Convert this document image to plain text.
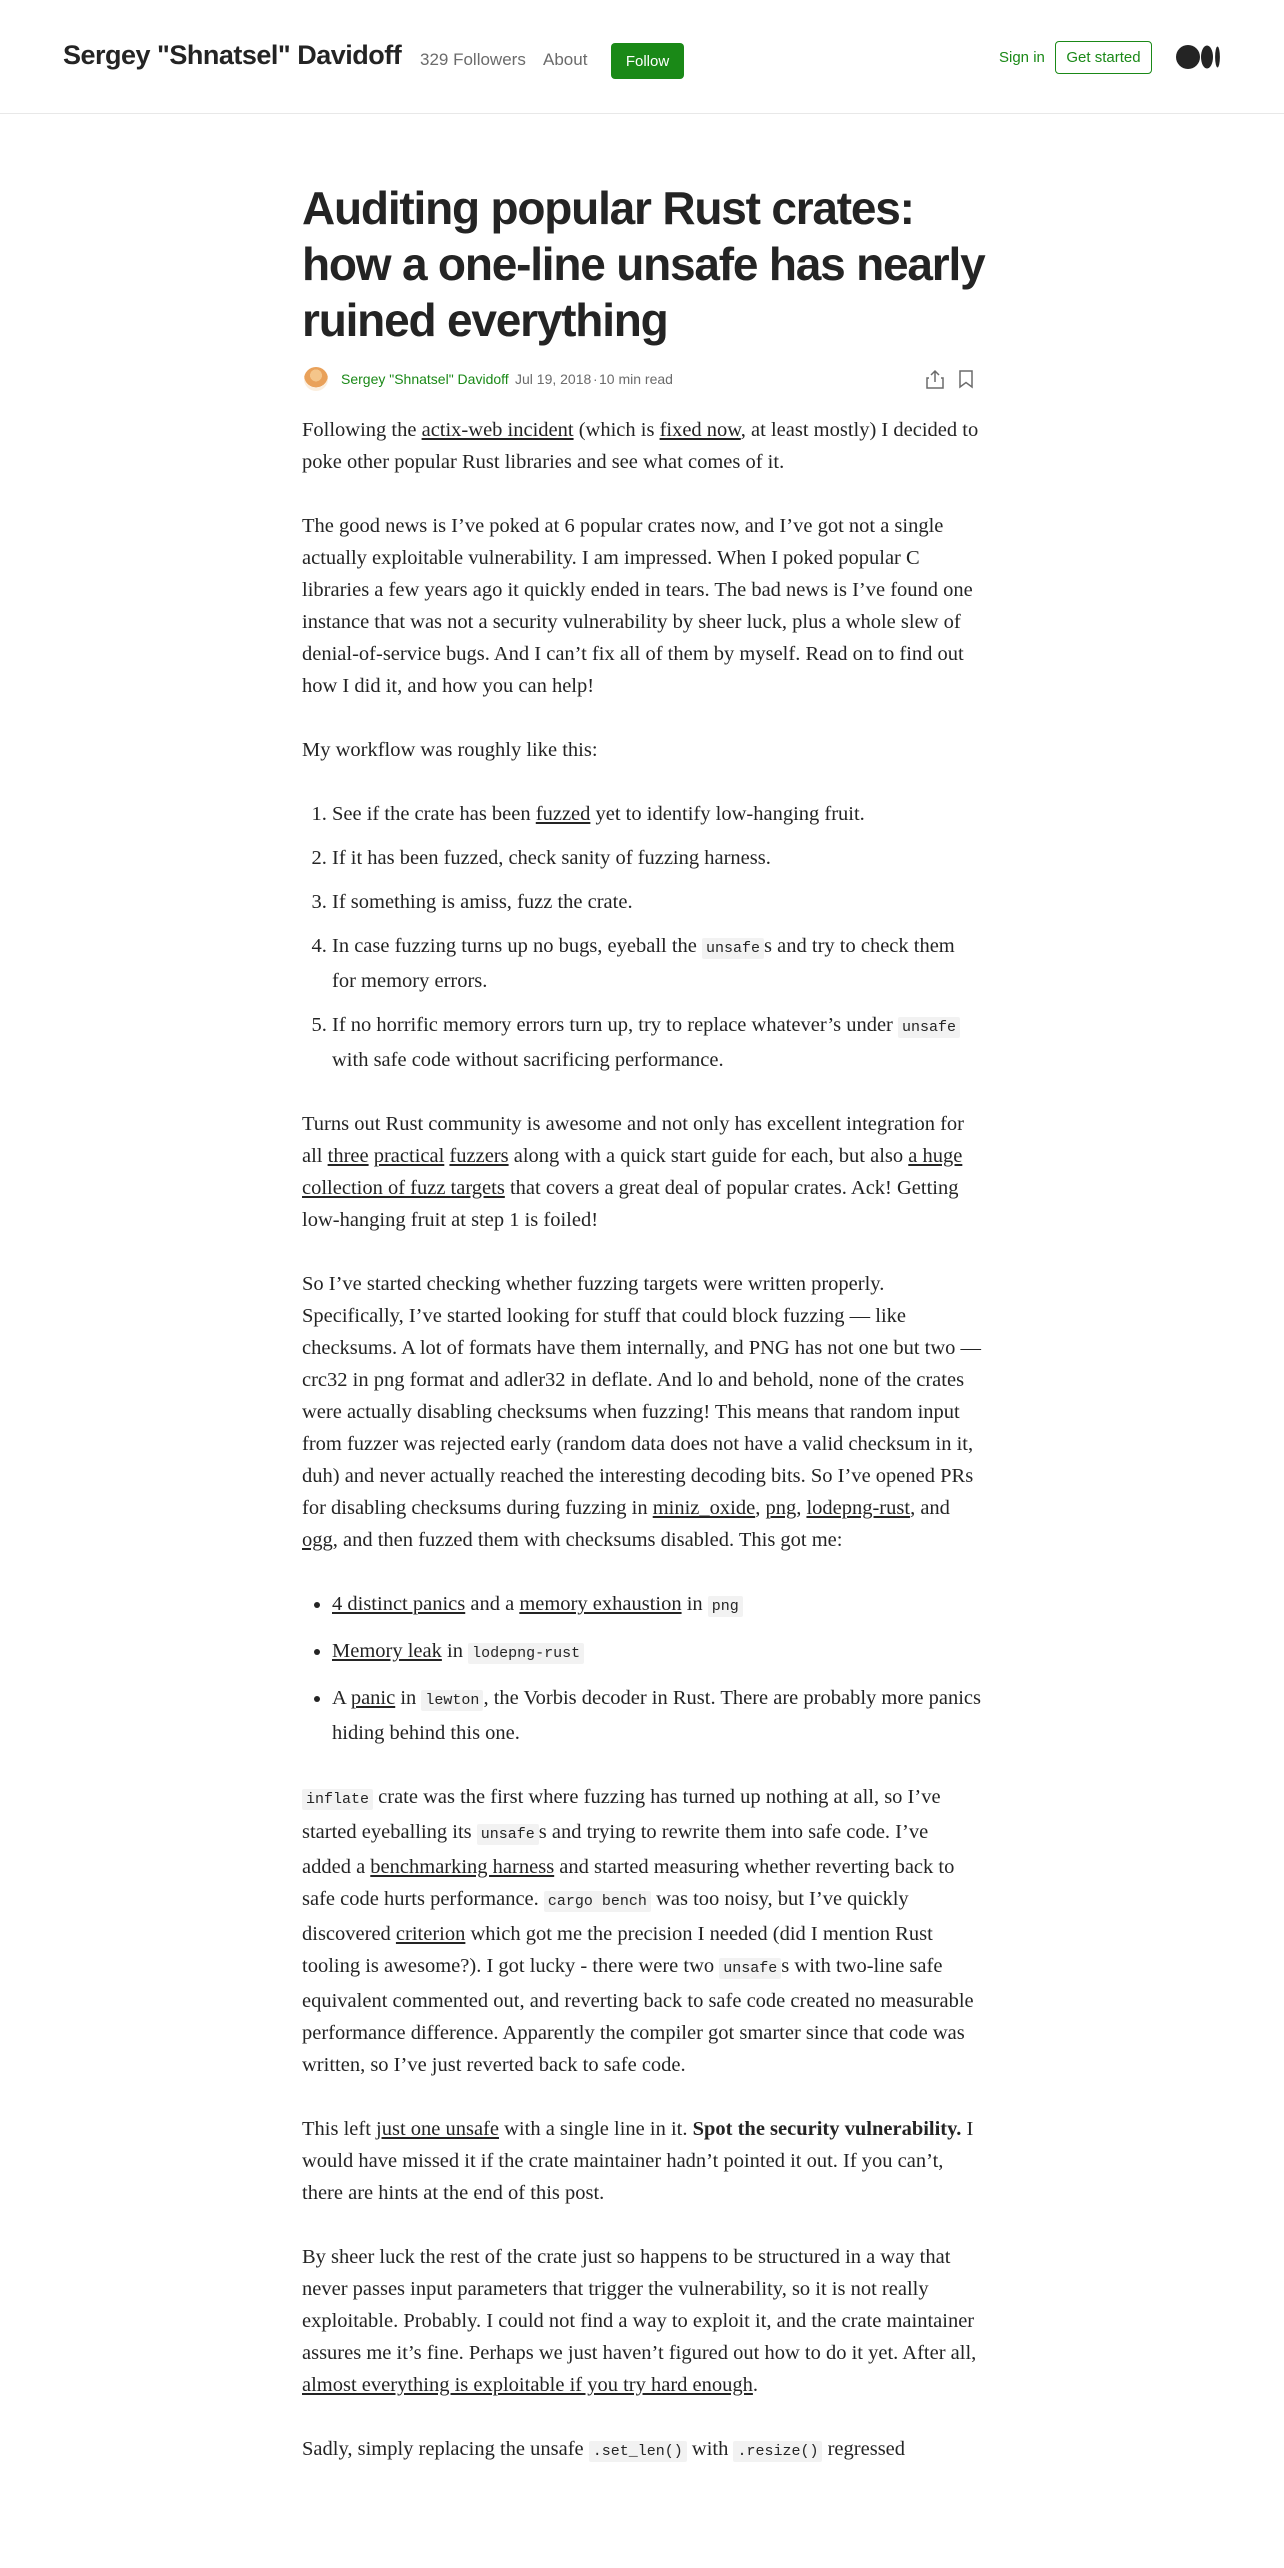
Sergey "Shnatsel" Davidoff 329 Followers About	Follow	Sign in	Get started
Auditing popular Rust crates: how a one-line unsafe has nearly ruined everything
Sergey "Shnatsel" Davidoff Jul 19, 2018 · 10 min read

Following the actix-web incident (which is fixed now, at least mostly) I decided to poke other popular Rust libraries and see what comes of it.

The good news is I’ve poked at 6 popular crates now, and I’ve got not a single actually exploitable vulnerability. I am impressed. When I poked popular C libraries a few years ago it quickly ended in tears. The bad news is I’ve found one instance that was not a security vulnerability by sheer luck, plus a whole slew of denial-of-service bugs. And I can’t fix all of them by myself. Read on to find out how I did it, and how you can help!

My workflow was roughly like this:

1. See if the crate has been fuzzed yet to identify low-hanging fruit.
2. If it has been fuzzed, check sanity of fuzzing harness.
3. If something is amiss, fuzz the crate.
4. In case fuzzing turns up no bugs, eyeball the unsafe s and try to check them for memory errors.
5. If no horrific memory errors turn up, try to replace whatever’s under unsafe with safe code without sacrificing performance.

Turns out Rust community is awesome and not only has excellent integration for all three practical fuzzers along with a quick start guide for each, but also a huge collection of fuzz targets that covers a great deal of popular crates. Ack! Getting low-hanging fruit at step 1 is foiled!

So I’ve started checking whether fuzzing targets were written properly. Specifically, I’ve started looking for stuff that could block fuzzing — like checksums. A lot of formats have them internally, and PNG has not one but two — crc32 in png format and adler32 in deflate. And lo and behold, none of the crates were actually disabling checksums when fuzzing! This means that random input from fuzzer was rejected early (random data does not have a valid checksum in it, duh) and never actually reached the interesting decoding bits. So I’ve opened PRs for disabling checksums during fuzzing in miniz_oxide, png, lodepng-rust, and ogg, and then fuzzed them with checksums disabled. This got me:

• 4 distinct panics and a memory exhaustion in png
• Memory leak in lodepng-rust
• A panic in lewton , the Vorbis decoder in Rust. There are probably more panics hiding behind this one.

inflate crate was the first where fuzzing has turned up nothing at all, so I’ve started eyeballing its unsafe s and trying to rewrite them into safe code. I’ve added a benchmarking harness and started measuring whether reverting back to safe code hurts performance. cargo bench was too noisy, but I’ve quickly discovered criterion which got me the precision I needed (did I mention Rust tooling is awesome?). I got lucky - there were two unsafe s with two-line safe equivalent commented out, and reverting back to safe code created no measurable performance difference. Apparently the compiler got smarter since that code was written, so I’ve just reverted back to safe code.

This left just one unsafe with a single line in it. Spot the security vulnerability. I would have missed it if the crate maintainer hadn’t pointed it out. If you can’t, there are hints at the end of this post.

By sheer luck the rest of the crate just so happens to be structured in a way that never passes input parameters that trigger the vulnerability, so it is not really exploitable. Probably. I could not find a way to exploit it, and the crate maintainer assures me it’s fine. Perhaps we just haven’t figured out how to do it yet. After all, almost everything is exploitable if you try hard enough.

Sadly, simply replacing the unsafe .set_len() with .resize() regressed
